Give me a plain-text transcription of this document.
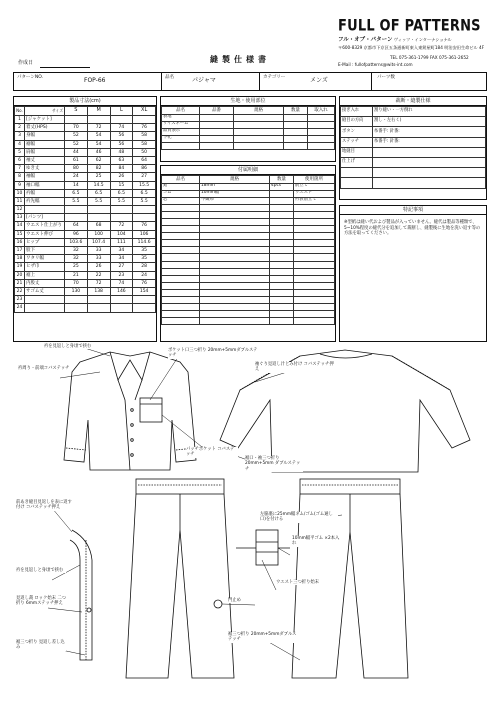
FULL OF PATTERNS
フル・オブ・パターン ヴィッツ・インターナショナル
〒600-8329 京都市下京区五条通新町東入東錺屋町184 明治安田生命ビル 4F
TEL 075-361-1799 FAX 075-361-2652
E-Mail : fullofpatterns@wits-int.com
作成日	縫製仕様書
パターンNO.	FOP-66	品名	パジャマ	カテゴリー	メンズ	パーツ数
製品寸法(cm)
No.	サイズ	S	M	L	XL
1	[ジャケット]				
2	着丈(HPS)	70	72	74	76
3	身幅	52	54	56	58
4	裾幅	52	54	56	58
5	肩幅	44	46	48	50
6	袖丈	61	62	63	64
7	ゆき丈	80	82	84	86
8	袖幅	24	25	26	27
9	袖口幅	14	14.5	15	15.5
10	衿幅	6.5	6.5	6.5	6.5
11	衿先幅	5.5	5.5	5.5	5.5
12					
13	[パンツ]				
14	ウエスト仕上がり	64	68	72	76
15	ウエスト伸び	96	100	104	106
16	ヒップ	103.6	107.4	111	114.6
17	股下	32	33	34	35
18	ワタリ幅	32	33	34	35
19	ヒザ巾	25	26	27	28
20	裾上	21	22	23	24
21	内股丈	70	72	74	76
22	サゴム丈	130	138	146	154
23					
24					
生地・使用部位
品名	品番	規格	数量	取入れ
表地				
サイズネーム				
品質表示				
下札				

付属明細
品名	規格	数量	使用箇所
釦	18mm	4pcs	前立て
ゴム	10mm幅		ウエスト
芯	不織布		衿表前立て

裁断・縫製仕様
接ぎ入れ	割り縫い・一方倒れ
縫目の方向	割し・左右く)
ボタン	糸番手: 針番:
ステッチ	糸番手: 針番:
地縫目	
仕上げ	

特記事項
※型紙は縫い代および製品が入っていません。縫代は製品等種類で、5~10%程度の縫代分を追加して裁断し、縫製後に生地を洗い返す等の方法を取ってください。
衿を見返しと身頃で挟む
衿周り・前端コバステッチ
ポケット口三つ折り 20mm+5mmダブルステッチ
袖ぐり見返し汁とみ付け コバステッチ押え
パッチポケット コバステッチ
裾口・袖三つ折り 20mm+5mm ダブルステッチ
前あき縫目見返しを表に返す付け コバステッチ押え
衿を見返しと身頃で挟む
見返し裁 ロック始末 二つ折り 6mmステッチ押え
裾三つ折り 見返し差し込み
左脇裏に25mm幅ネム/ゴム(ゴム通し口)を付ける
10mm幅平ゴム ×2本入れ
ウエスト三つ折り始末
閂止め
裾三つ折り 20mm+5mmダブルステッチ
